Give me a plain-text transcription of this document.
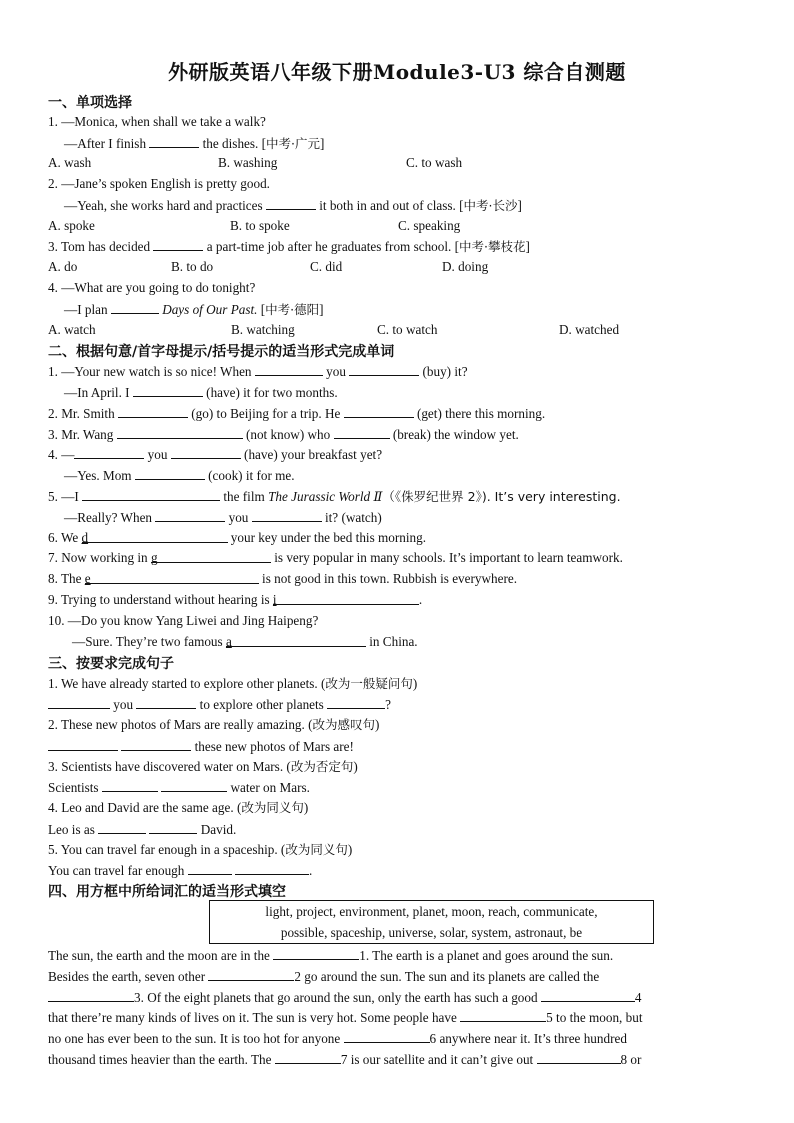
外研版英语八年级下册Module3-U3 综合自测题
一、单项选择
1. —Monica, when shall we take a walk?
—After I finish	the dishes. [中考·广元]
A. wash	B. washing	C. to wash
2. —Jane’s spoken English is pretty good.
—Yeah, she works hard and practices	it both in and out of class. [中考·长沙]
A. spoke	B. to spoke	C. speaking
3. Tom has decided	a part-time job after he graduates from school. [中考·攀枝花]
A. do	B. to do	C. did	D. doing
4. —What are you going to do tonight?
—I plan	Days of Our Past. [中考·德阳]
A. watch	B. watching	C. to watch	D. watched
二、根据句意/首字母提示/括号提示的适当形式完成单词
1. —Your new watch is so nice! When	you	(buy) it?
—In April. I	(have) it for two months.
2. Mr. Smith	(go) to Beijing for a trip. He	(get) there this morning.
3. Mr. Wang	(not know) who	(break) the window yet.
4. —	you	(have) your breakfast yet?
—Yes. Mom	(cook) it for me.
5. —I	the film The Jurassic World Ⅱ（《侏罗纪世界 2》). It’s very interesting.
—Really? When	you	it? (watch)
6. We d	your key under the bed this morning.
7. Now working in g	is very popular in many schools. It’s important to learn teamwork.
8. The e	is not good in this town. Rubbish is everywhere.
9. Trying to understand without hearing is i	.
10. —Do you know Yang Liwei and Jing Haipeng?
—Sure. They’re two famous a	in China.
三、按要求完成句子
1. We have already started to explore other planets. (改为一般疑问句)
you	to explore other planets	?
2. These new photos of Mars are really amazing. (改为感叹句)
these new photos of Mars are!
3. Scientists have discovered water on Mars. (改为否定句)
Scientists	water on Mars.
4. Leo and David are the same age. (改为同义句)
Leo is as	David.
5. You can travel far enough in a spaceship. (改为同义句)
You can travel far enough	.
四、用方框中所给词汇的适当形式填空
light, project, environment, planet, moon, reach, communicate,
possible, spaceship, universe, solar, system, astronaut, be
The sun, the earth and the moon are in the	1. The earth is a planet and goes around the sun.
Besides the earth, seven other	2 go around the sun. The sun and its planets are called the
3. Of the eight planets that go around the sun, only the earth has such a good	4
that there’re many kinds of lives on it. The sun is very hot. Some people have	5 to the moon, but
no one has ever been to the sun. It is too hot for anyone	6 anywhere near it. It’s three hundred
thousand times heavier than the earth. The	7 is our satellite and it can’t give out	8 or
